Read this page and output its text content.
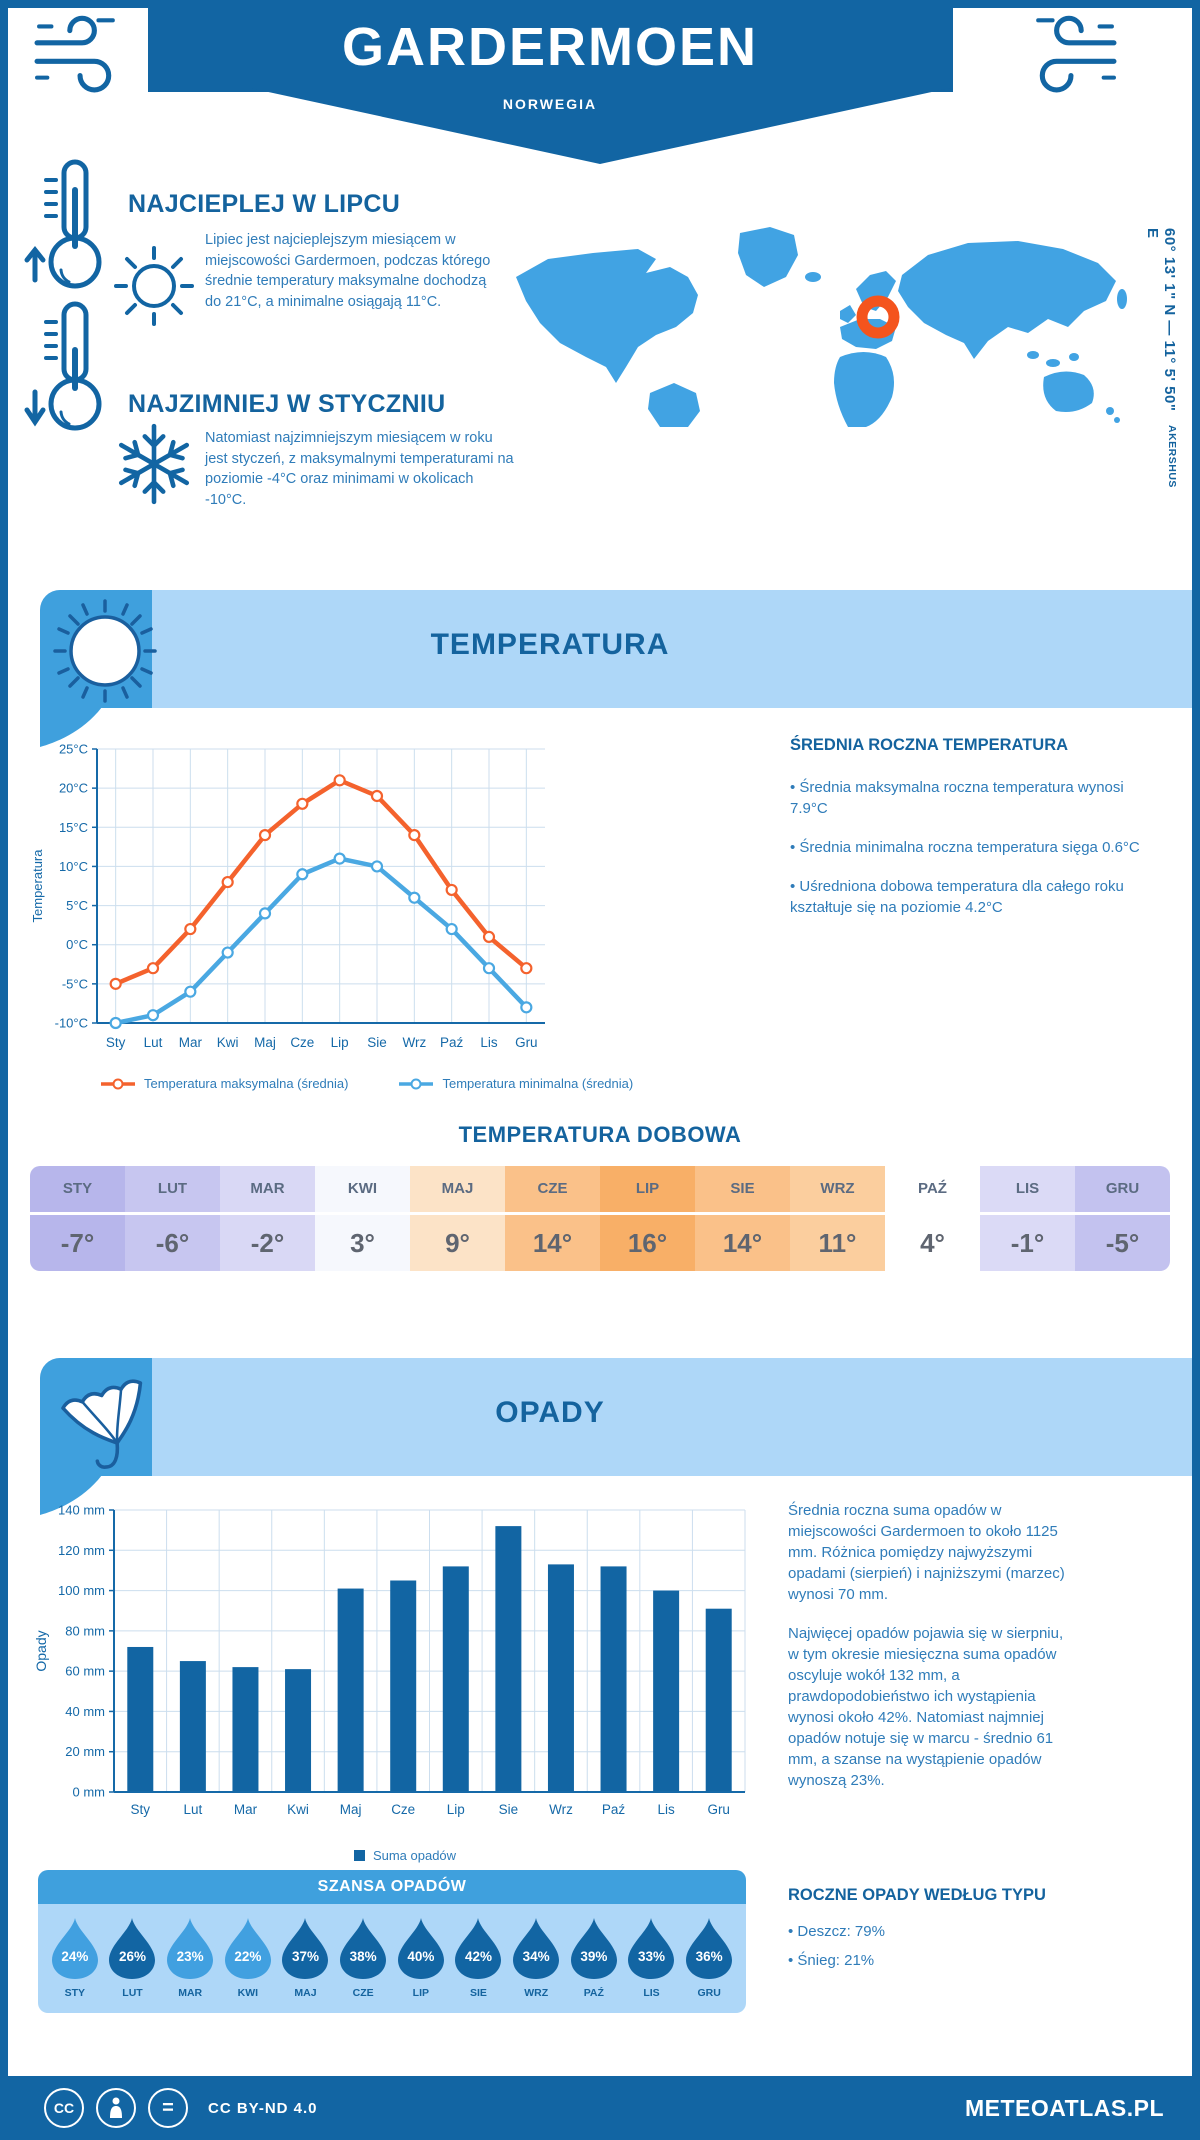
GARDERMOEN
NORWEGIA
NAJCIEPLEJ W LIPCU
Lipiec jest najcieplejszym miesiącem w miejscowości Gardermoen, podczas którego średnie temperatury maksymalne dochodzą do 21°C, a minimalne osiągają 11°C.
NAJZIMNIEJ W STYCZNIU
Natomiast najzimniejszym miesiącem w roku jest styczeń, z maksymalnymi temperaturami na poziomie -4°C oraz minimami w okolicach -10°C.
60° 13' 1" N — 11° 5' 50" E
AKERSHUS
TEMPERATURA
-10°C
-5°C
0°C
5°C
10°C
15°C
20°C
25°C
Sty Lut Mar Kwi Maj Cze Lip Sie Wrz Paź Lis Gru
Temperatura
Temperatura maksymalna (średnia)	Temperatura minimalna (średnia)
ŚREDNIA ROCZNA TEMPERATURA
• Średnia maksymalna roczna temperatura wynosi 7.9°C
• Średnia minimalna roczna temperatura sięga 0.6°C
• Uśredniona dobowa temperatura dla całego roku kształtuje się na poziomie 4.2°C
TEMPERATURA DOBOWA
STY	LUT	MAR	KWI	MAJ	CZE	LIP	SIE	WRZ	PAŹ	LIS	GRU
-7°	-6°	-2°	3°	9°	14°	16°	14°	11°	4°	-1°	-5°
OPADY
0 mm
20 mm
40 mm
60 mm
80 mm
100 mm
120 mm
140 mm
Sty Lut Mar Kwi Maj Cze Lip	Sie Wrz Paź Lis Gru
Opady
Suma opadów
Średnia roczna suma opadów w miejscowości Gardermoen to około 1125 mm. Różnica pomiędzy najwyższymi opadami (sierpień) i najniższymi (marzec) wynosi 70 mm.
Najwięcej opadów pojawia się w sierpniu, w tym okresie miesięczna suma opadów oscyluje wokół 132 mm, a prawdopodobieństwo ich wystąpienia wynosi około 42%. Natomiast najmniej opadów notuje się w marcu - średnio 61 mm, a szanse na wystąpienie opadów wynoszą 23%.
SZANSA OPADÓW
24%
STY
26%
LUT
23%
MAR
22%
KWI
37%
MAJ
38%
CZE
40%
LIP
42%
SIE
34%
WRZ
39%
PAŹ
33%
LIS
36%
GRU
ROCZNE OPADY WEDŁUG TYPU
• Deszcz: 79%
• Śnieg: 21%
CC	=	CC BY-ND 4.0	METEOATLAS.PL
